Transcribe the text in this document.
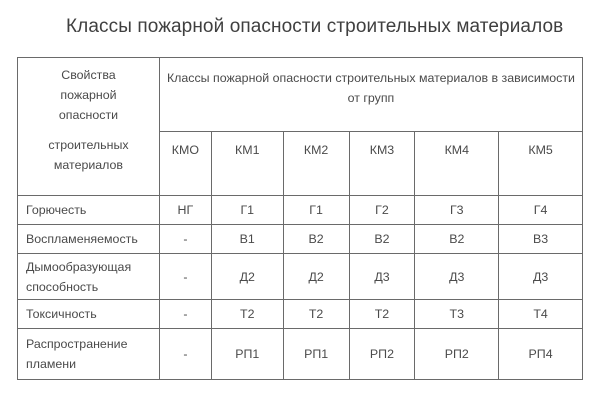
Классы пожарной опасности строительных материалов
Свойства
пожарной
опасности
строительных
материалов	Классы пожарной опасности строительных материалов в зависимости от групп					
	КМО	КМ1	КМ2	КМ3	КМ4	КМ5
Горючесть	НГ	Г1	Г1	Г2	Г3	Г4
Воспламеняемость	-	В1	В2	В2	В2	В3
Дымообразующая способность	-	Д2	Д2	Д3	Д3	Д3
Токсичность	-	Т2	Т2	Т2	Т3	Т4
Распространение пламени	-	РП1	РП1	РП2	РП2	РП4
